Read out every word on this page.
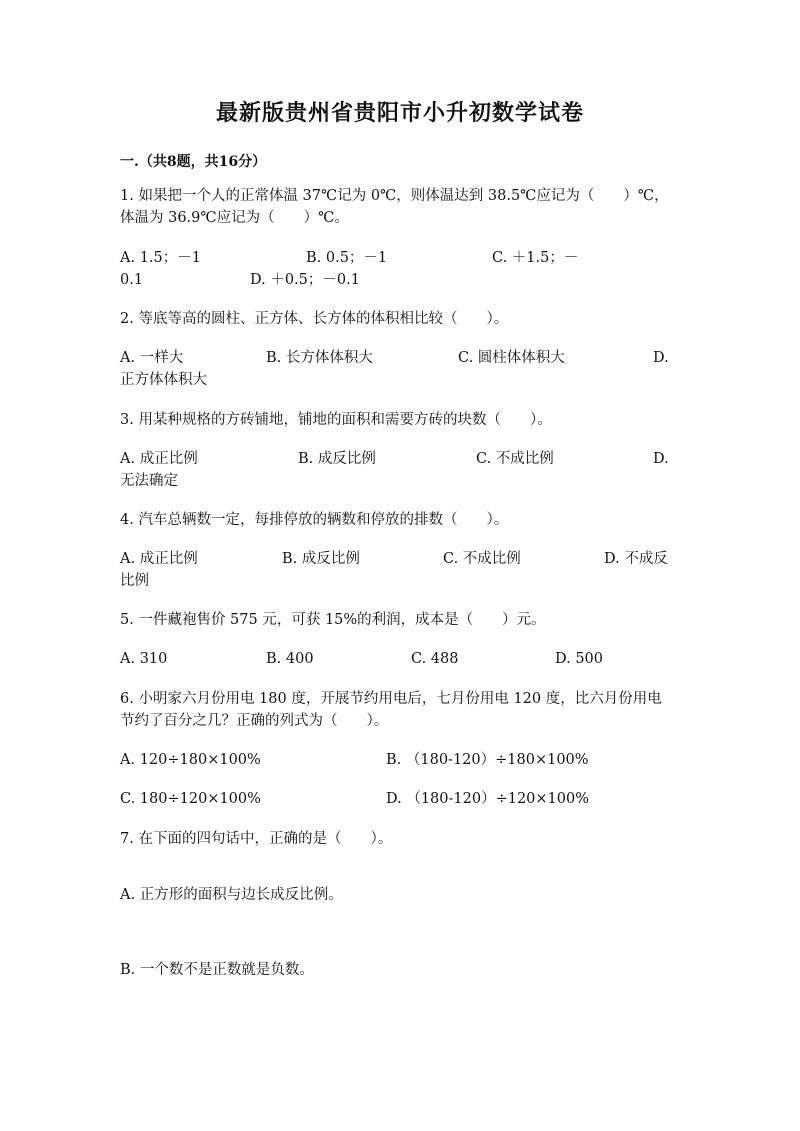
最新版贵州省贵阳市小升初数学试卷
一.（共8题，共16分）
1. 如果把一个人的正常体温 37℃记为 0℃，则体温达到 38.5℃应记为（　　）℃，体温为 36.9℃应记为（　　）℃。
A. 1.5；－1	B. 0.5；－1	C. ＋1.5；－
0.1	D. ＋0.5；－0.1
2. 等底等高的圆柱、正方体、长方体的体积相比较（　　）。
A. 一样大	B. 长方体体积大	C. 圆柱体体积大	D.
正方体体积大
3. 用某种规格的方砖铺地，铺地的面积和需要方砖的块数（　　）。
A. 成正比例	B. 成反比例	C. 不成比例	D.
无法确定
4. 汽车总辆数一定，每排停放的辆数和停放的排数（　　）。
A. 成正比例	B. 成反比例	C. 不成比例	D. 不成反
比例
5. 一件藏袍售价 575 元，可获 15%的利润，成本是（　　）元。
A. 310	B. 400	C. 488	D. 500
6. 小明家六月份用电 180 度，开展节约用电后，七月份用电 120 度，比六月份用电节约了百分之几？正确的列式为（　　）。
A. 120÷180×100%	B. （180-120）÷180×100%
C. 180÷120×100%	D. （180-120）÷120×100%
7. 在下面的四句话中，正确的是（　　）。
A. 正方形的面积与边长成反比例。
B. 一个数不是正数就是负数。
